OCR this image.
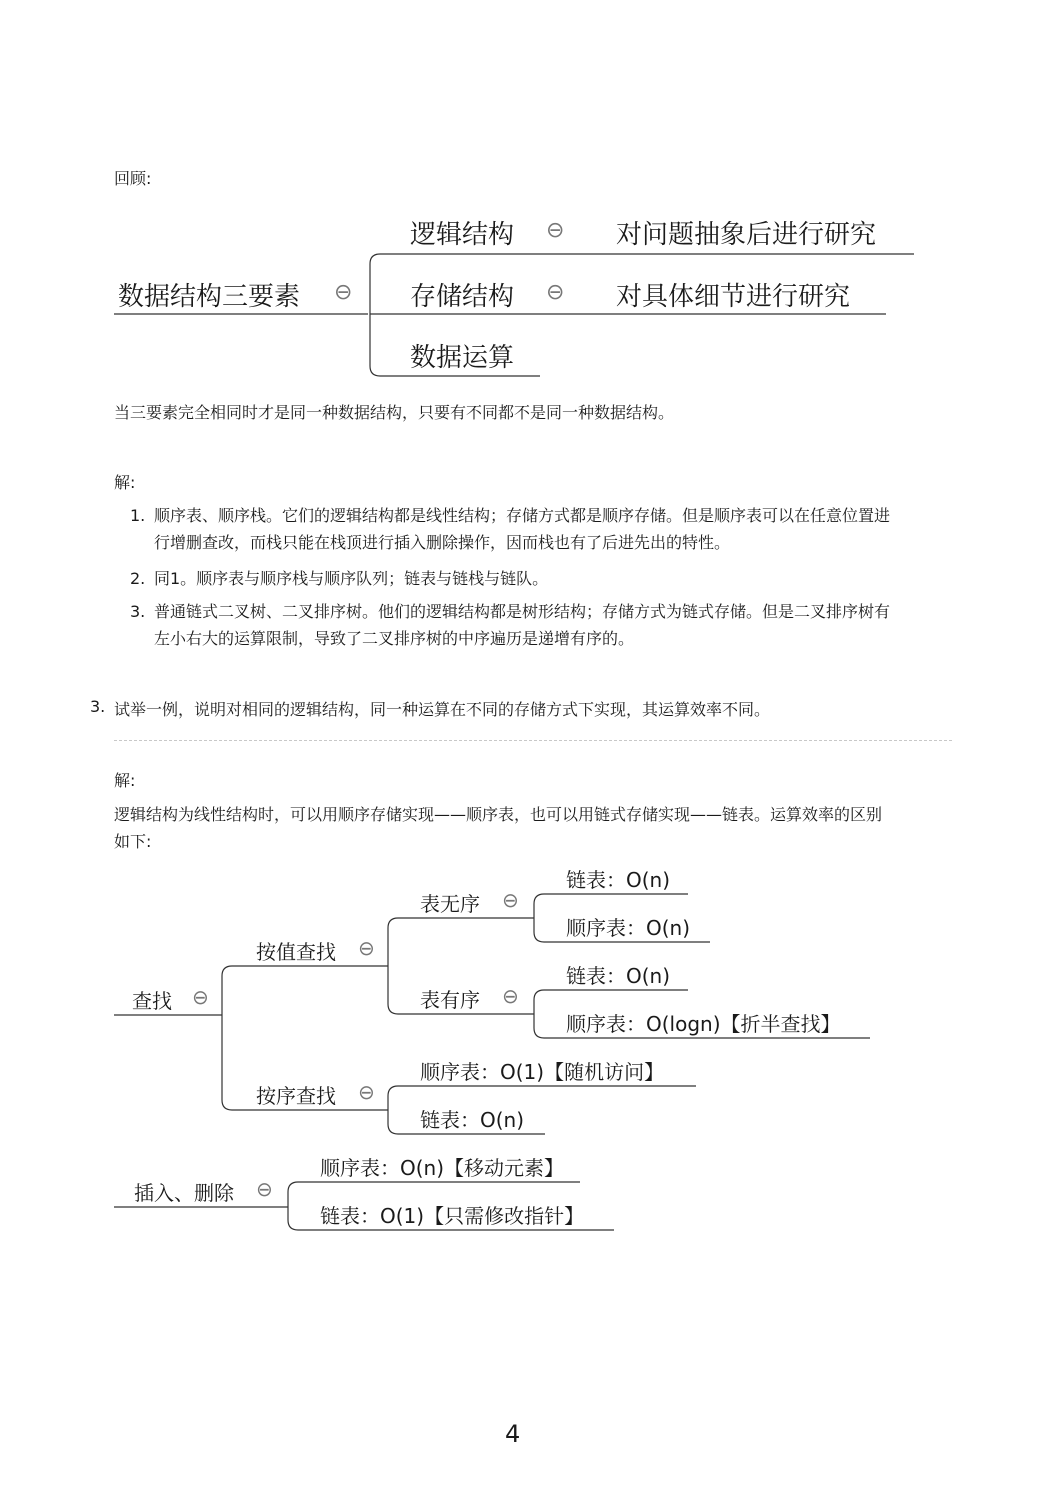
回顾:
数据结构三要素 ⊖
逻辑结构 ⊖ 对问题抽象后进行研究
存储结构 ⊖ 对具体细节进行研究
数据运算
当三要素完全相同时才是同一种数据结构，只要有不同都不是同一种数据结构。
解:
1. 顺序表、顺序栈。它们的逻辑结构都是线性结构；存储方式都是顺序存储。但是顺序表可以在任意位置进
行增删查改，而栈只能在栈顶进行插入删除操作，因而栈也有了后进先出的特性。
2. 同1。顺序表与顺序栈与顺序队列；链表与链栈与链队。
3. 普通链式二叉树、二叉排序树。他们的逻辑结构都是树形结构；存储方式为链式存储。但是二叉排序树有
左小右大的运算限制，导致了二叉排序树的中序遍历是递增有序的。
3. 试举一例，说明对相同的逻辑结构，同一种运算在不同的存储方式下实现，其运算效率不同。
解:
逻辑结构为线性结构时，可以用顺序存储实现——顺序表，也可以用链式存储实现——链表。运算效率的区别
如下:
查找 ⊖
按值查找 ⊖
表无序 ⊖
链表：O(n)
顺序表：O(n)
表有序 ⊖
链表：O(n)
顺序表：O(logn)【折半查找】
按序查找 ⊖
顺序表：O(1)【随机访问】
链表：O(n)
插入、删除 ⊖
顺序表：O(n)【移动元素】
链表：O(1)【只需修改指针】
4
